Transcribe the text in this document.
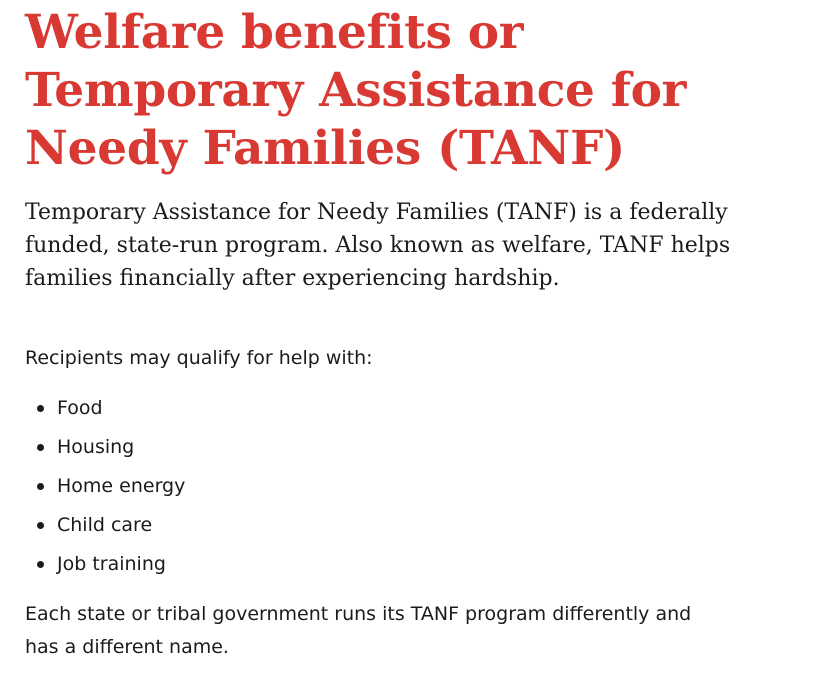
Welfare benefits or Temporary Assistance for Needy Families (TANF)

Temporary Assistance for Needy Families (TANF) is a federally funded, state-run program. Also known as welfare, TANF helps families financially after experiencing hardship.

Recipients may qualify for help with:

Food
Housing
Home energy
Child care
Job training

Each state or tribal government runs its TANF program differently and has a different name.
